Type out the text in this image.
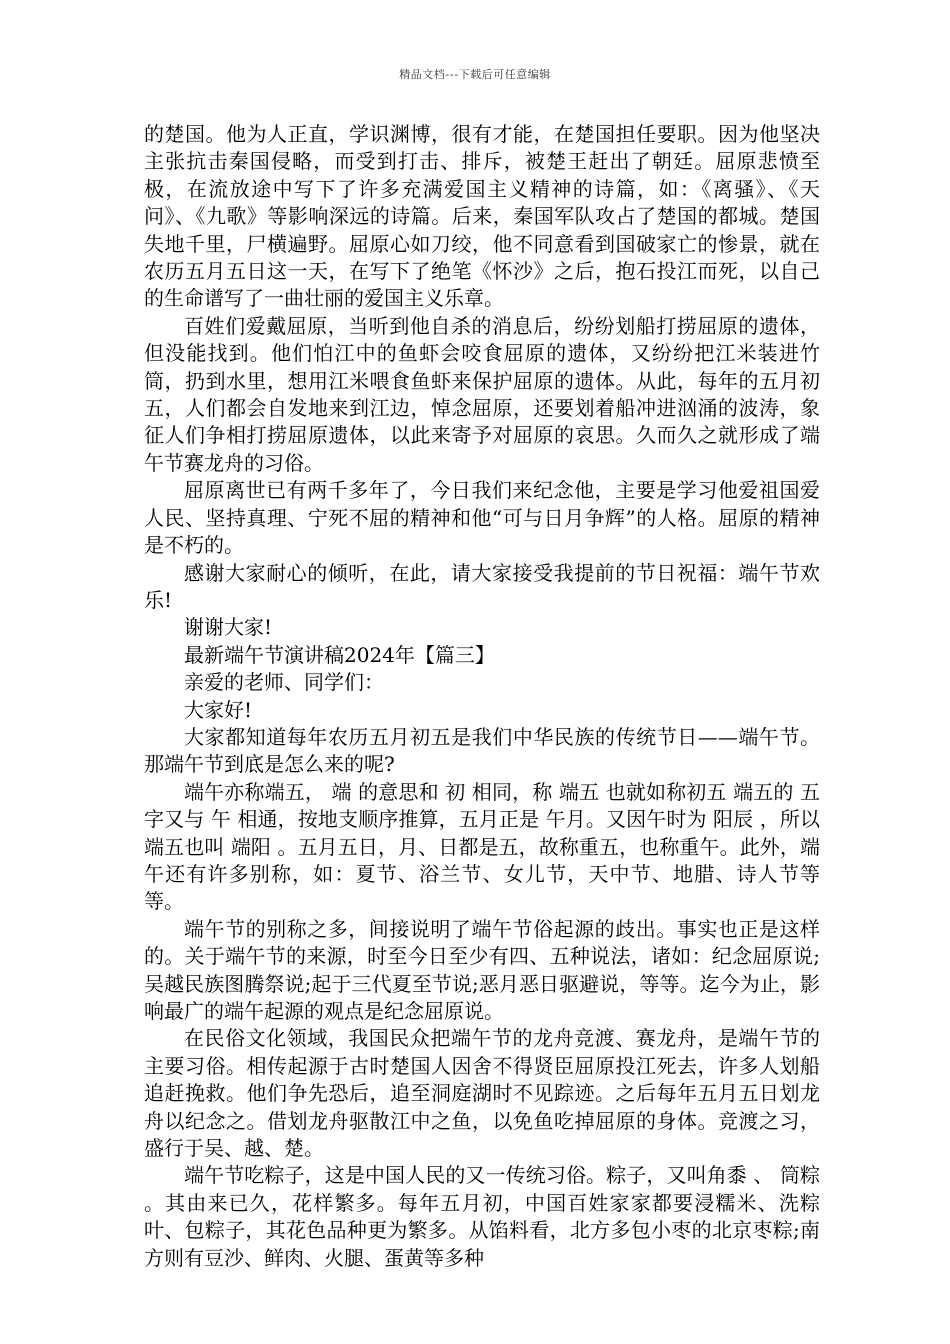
精品文档---下载后可任意编辑

的楚国。他为人正直，学识渊博，很有才能，在楚国担任要职。因为他坚决主张抗击秦国侵略，而受到打击、排斥，被楚王赶出了朝廷。屈原悲愤至极，在流放途中写下了许多充满爱国主义精神的诗篇，如：《离骚》、《天问》、《九歌》等影响深远的诗篇。后来，秦国军队攻占了楚国的都城。楚国失地千里，尸横遍野。屈原心如刀绞，他不同意看到国破家亡的惨景，就在农历五月五日这一天，在写下了绝笔《怀沙》之后，抱石投江而死，以自己的生命谱写了一曲壮丽的爱国主义乐章。

百姓们爱戴屈原，当听到他自杀的消息后，纷纷划船打捞屈原的遗体，但没能找到。他们怕江中的鱼虾会咬食屈原的遗体，又纷纷把江米装进竹筒，扔到水里，想用江米喂食鱼虾来保护屈原的遗体。从此，每年的五月初五，人们都会自发地来到江边，悼念屈原，还要划着船冲进汹涌的波涛，象征人们争相打捞屈原遗体，以此来寄予对屈原的哀思。久而久之就形成了端午节赛龙舟的习俗。

屈原离世已有两千多年了，今日我们来纪念他，主要是学习他爱祖国爱人民、坚持真理、宁死不屈的精神和他“可与日月争辉”的人格。屈原的精神是不朽的。

感谢大家耐心的倾听，在此，请大家接受我提前的节日祝福：端午节欢乐!

谢谢大家!

最新端午节演讲稿2024年【篇三】

亲爱的老师、同学们：

大家好!

大家都知道每年农历五月初五是我们中华民族的传统节日——端午节。那端午节到底是怎么来的呢?

端午亦称端五， 端 的意思和 初 相同，称 端五 也就如称初五 端五的 五 字又与 午 相通，按地支顺序推算，五月正是 午月。又因午时为 阳辰 ，所以端五也叫 端阳 。五月五日，月、日都是五，故称重五，也称重午。此外，端午还有许多别称，如：夏节、浴兰节、女儿节，天中节、地腊、诗人节等等。

端午节的别称之多，间接说明了端午节俗起源的歧出。事实也正是这样的。关于端午节的来源，时至今日至少有四、五种说法，诸如：纪念屈原说;吴越民族图腾祭说;起于三代夏至节说;恶月恶日驱避说，等等。迄今为止，影响最广的端午起源的观点是纪念屈原说。

在民俗文化领域，我国民众把端午节的龙舟竞渡、赛龙舟，是端午节的主要习俗。相传起源于古时楚国人因舍不得贤臣屈原投江死去，许多人划船追赶挽救。他们争先恐后，追至洞庭湖时不见踪迹。之后每年五月五日划龙舟以纪念之。借划龙舟驱散江中之鱼，以免鱼吃掉屈原的身体。竞渡之习，盛行于吴、越、楚。

端午节吃粽子，这是中国人民的又一传统习俗。粽子，又叫角黍 、 筒粽 。其由来已久，花样繁多。每年五月初，中国百姓家家都要浸糯米、洗粽叶、包粽子，其花色品种更为繁多。从馅料看，北方多包小枣的北京枣粽;南方则有豆沙、鲜肉、火腿、蛋黄等多种
